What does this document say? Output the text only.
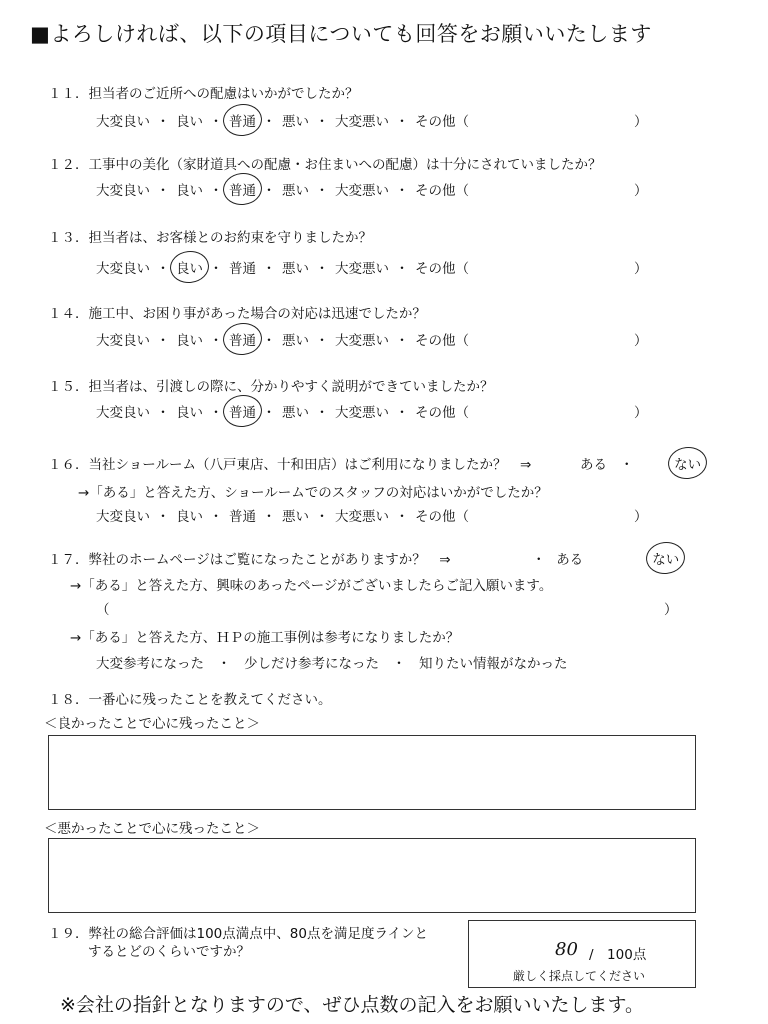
■よろしければ、以下の項目についても回答をお願いいたします
１１．担当者のご近所への配慮はいかがでしたか？
大変良い ・ 良い ・ 普通 ・ 悪い ・ 大変悪い ・ その他（	）
１２．工事中の美化（家財道具への配慮・お住まいへの配慮）は十分にされていましたか？
大変良い ・ 良い ・ 普通 ・ 悪い ・ 大変悪い ・ その他（	）
１３．担当者は、お客様とのお約束を守りましたか？
大変良い ・ 良い ・ 普通 ・ 悪い ・ 大変悪い ・ その他（	）
１４．施工中、お困り事があった場合の対応は迅速でしたか？
大変良い ・ 良い ・ 普通 ・ 悪い ・ 大変悪い ・ その他（	）
１５．担当者は、引渡しの際に、分かりやすく説明ができていましたか？
大変良い ・ 良い ・ 普通 ・ 悪い ・ 大変悪い ・ その他（	）
１６．当社ショールーム（八戸東店、十和田店）はご利用になりましたか？　⇒	ある ・	ない
→「ある」と答えた方、ショールームでのスタッフの対応はいかがでしたか？
大変良い ・ 良い ・ 普通 ・ 悪い ・ 大変悪い ・ その他（	）
１７．弊社のホームページはご覧になったことがありますか？　⇒	ある
・	ない
→「ある」と答えた方、興味のあったページがございましたらご記入願います。
（	）
→「ある」と答えた方、ＨＰの施工事例は参考になりましたか？
大変参考になった ・ 少しだけ参考になった ・ 知りたい情報がなかった
１８．一番心に残ったことを教えてください。
＜良かったことで心に残ったこと＞
＜悪かったことで心に残ったこと＞
１９．弊社の総合評価は100点満点中、80点を満足度ラインと
するとどのくらいですか？	80 /　100点
厳しく採点してください
※会社の指針となりますので、ぜひ点数の記入をお願いいたします。
